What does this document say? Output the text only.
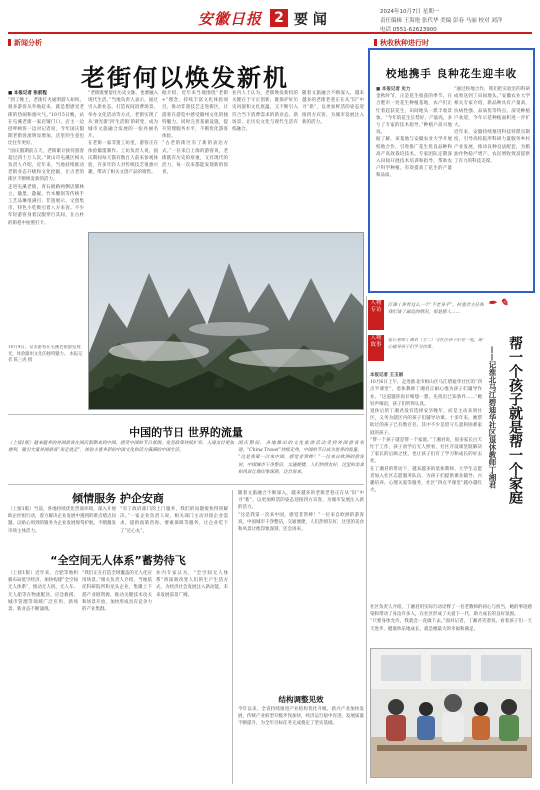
安徽日报 2 要 闻	2024年10月7日 星期一
责任编辑 王海艳 张代华 美编 彭春 马丽 校对 刘洋
电话 0551-62623900
新闻分析
老街何以焕发新机

■ 本报记者 张前程

“到了晚上，老街灯火通明游人如织，很多游客从外地赶来，就是想感受老街的热闹和烟火气。”10月5日晚，站在屯溪老街一家店铺门口，店主一边招呼顾客一边对记者说，今年国庆假期老街客流明显增加，店里的生意也比往年更好。

“国庆假期前五天，老街累计接待游客超过四十万人次。”黄山市屯溪区相关负责人介绍，近年来，当地持续推动老街业态升级和文化挖掘，让古老的街区不断焕发新的活力。

走进屯溪老街，青石板路两侧店铺林立，徽墨、歙砚、竹木雕刻等传统手工艺品琳琅满目，非遗展示、文创集市、特色小吃吸引着八方来客。不少年轻游客身着汉服穿行其间，在古朴的街巷中拍照打卡。

“老街既要留住历史文脉，也要融入现代生活。”当地负责人表示，通过引入新业态、打造夜间消费场景、举办文化活动等方式，老街实现了从‘观光街’到‘生活街’的转变，成为城市文旅融合发展的一张亮丽名片。

在老街一家非遗工坊里，游客正在体验徽墨制作。工坊负责人说，国庆期间每天都有数百人前来参观体验，许多年轻人对传统技艺很感兴趣，带动了相关文创产品的销售。

据介绍，近年来当地围绕“老街+”理念，持续丰富文化体验项目，推动非遗技艺走进街区，让游客在游览中感受徽州文化的独特魅力。同时完善基础设施，提升管理服务水平，不断优化游客体验。

“古老的街区有了新的表达方式。”一位来自上海的游客说，老街既有历史的厚重，又有现代的活力，每一次来都能发现新的惊喜。

业内人士认为，老街焕发新机的关键在于守正创新，既保护好历史风貌和文化底蕴，又不断引入符合当下消费需求的新业态、新场景，让历史文化与现代生活有机融合。

随着文旅融合不断深入，越来越多的老街老巷正在从“旧”中寻“新”，以更加鲜活的姿态迎接四方宾客，为城市发展注入新的活力。

10月4日，众多游客在屯溪老街游览观光，体验徽州文化的独特魅力。 本报记者 陈三虎 摄
秋收秋种进行时
校地携手 良种花生迎丰收

■ 本报记者 史力

金秋时节，正是花生收获的季节。在合肥市一处花生种植基地，农户们正忙着起获花生，田间地头一派丰收景象。“今年的花生长势好、产量高，多亏了专家的技术指导。”种植户高兴地说。

据了解，该基地与安徽农业大学开展校地合作，引进推广花生优良品种和高产高效栽培技术。专家团队定期深入田间开展技术培训和指导，帮助农户科学种植，有效提高了花生的产量和品质。

“通过校地合作，我们把实验室的科研成果送到了田间地头。”安徽农业大学相关专家介绍，新品种具有产量高、抗病性强、品质优等特点，深受种植户欢迎，今年示范种植面积进一步扩大。

近年来，安徽持续推进科技特派员制度，引导高校院所科研力量服务乡村产业发展，推动良种良法配套，为粮油作物稳产增产、农民增收致富提供了有力的科技支撑。

人物专访
人物故事
江淮丨你有这么一个“不老身手”。村委会主任和我们谈了最近的情况，很是感人……
✒ ✎
帮一个孩子就是帮一个家庭
——记淮北马江碧迪华社区退休教师丁湘君
爱心老师丁湘君（左二）与社区孩子们在一起，耐心辅导孩子们学习功课。

本报记者 王玉娟

10月6日上午，走进淮北市相山区马江碧迪华社区的“四点半课堂”，退休教师丁湘君正耐心地为孩子们辅导作业。“这道题你再仔细想一想，先找出已知条件……”她轻声细语，孩子们听得认真。

退休后的丁湘君没有选择安享晚年，而是主动来到社区，义务为辖区内的孩子们辅导功课。十多年来，她帮助过的孩子已有数百名，其中不少是留守儿童和困难家庭的孩子。

“帮一个孩子就是帮一个家庭。”丁湘君说，很多家长白天忙于工作，孩子放学后无人照看，社区开设课堂既解决了家长的后顾之忧，也让孩子们有了学习和成长的好去处。

在丁湘君的带动下，越来越多的退休教师、大学生志愿者加入社区志愿服务队伍，为孩子们提供课业辅导、兴趣培养、心理关爱等服务，社区“四点半课堂”越办越红火。

社区负责人介绍，丁湘君用实际行动诠释了一名老教师的初心与担当，她的事迹感染和带动了身边许多人，在社区形成了关爱下一代、助力成长的良好氛围。

“只要身体允许，我就会一直做下去。”面对记者，丁湘君笑着说，看着孩子们一天天进步、健康快乐地成长，就是她最大的幸福和满足。

中国的节日 世界的流量
（上接1版）越来越多的外国游客在国庆假期来到中国，感受中国的节日氛围。免签政策持续扩容、入境支付更加便利，吸引大量外国游客“说走就走”，体验丰富多彩的中国文化和活力满满的中国生活。

国庆期间，各地推出的文化旅游活动受到外国游客欢迎，“China Travel”持续走热，中国的节日成为世界的流量。

“这是我第一次来中国，感觉非常棒！”一位来自欧洲的游客说，中国城市干净整洁，交通便捷，人们热情友好，这里的美食和风景让他印象深刻，还会再来。

倾情服务 护企安商
（上接1版）当前，各地持续优化营商环境，深入开展助企纾困行动，着力解决企业发展中遇到的难点堵点问题，以贴心周到的服务为企业发展保驾护航，不断激发市场主体活力。
“有了政府部门的上门服务，我们的问题很快得到解决。”一家企业负责人说，相关部门主动对接企业需求，提供政策咨询、要素保障等服务，让企业吃下了“定心丸”。
“全空间无人体系”蓄势待飞
（上接1版）近年来，合肥等地积极布局低空经济，加快构建“全空间无人体系”，推动无人机、无人车、无人船等在物流配送、应急救援、城市管理等领域广泛应用，新场景、新业态不断涌现。
“我们正在打造全域覆盖的无人化应用场景。”相关负责人介绍，当地依托科研院所和龙头企业，集聚上下游产业链资源，推动关键技术攻关和场景开放，加快形成具有竞争力的产业集群。
业内专家认为，“全空间无人体系”将深刻改变人们的生产生活方式，为经济社会发展注入新动能，未来发展前景广阔。

随着文旅融合不断深入，越来越多的老街老巷正在从“旧”中寻“新”，以更加鲜活的姿态迎接四方宾客，为城市发展注入新的活力。

“这是我第一次来中国，感觉非常棒！”一位来自欧洲的游客说，中国城市干净整洁，交通便捷，人们热情友好，这里的美食和风景让他印象深刻，还会再来。

结构调整见效
今年以来，全省持续推进产业结构优化升级，新兴产业加快发展，传统产业转型升级步伐加快，经济运行稳中有进，发展质量不断提升，为全年目标任务完成奠定了坚实基础。
